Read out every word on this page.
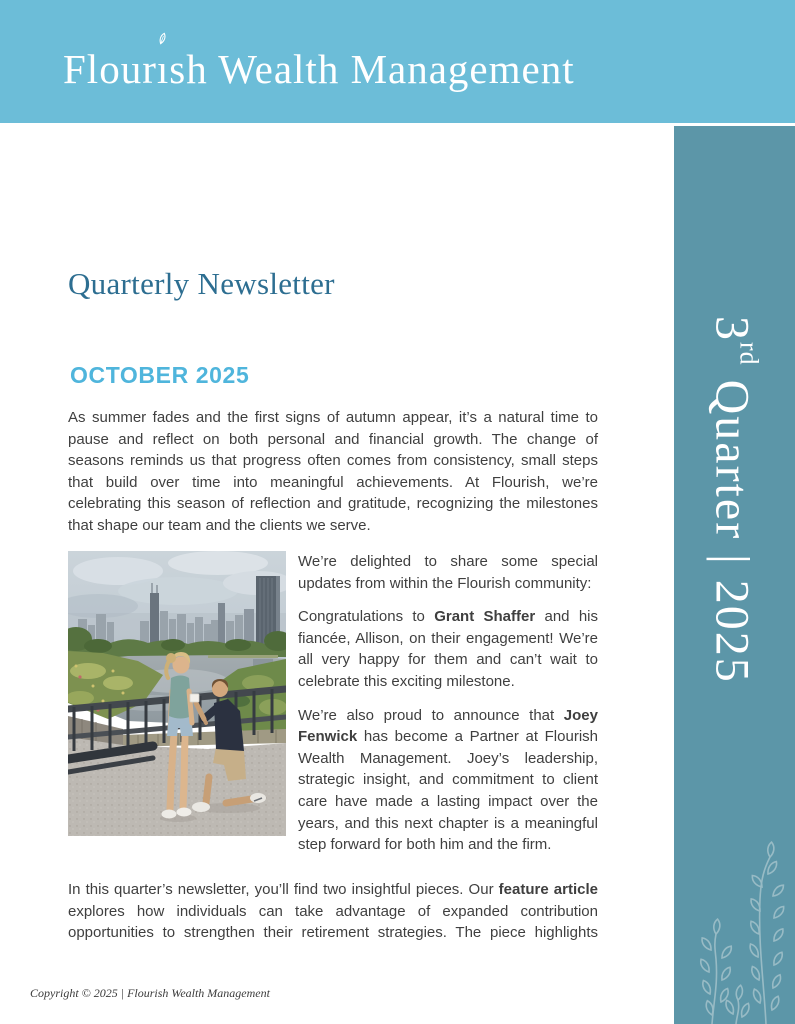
Flourı
sh Wealth Management
3rd Quarter | 2025
Quarterly Newsletter
OCTOBER 2025

As summer fades and the first signs of autumn appear, it’s a natural time to pause and reflect on both personal and financial growth. The change of seasons reminds us that progress often comes from consistency, small steps that build over time into meaningful achievements. At Flourish, we’re celebrating this season of reflection and gratitude, recognizing the milestones that shape our team and the clients we serve.

We’re delighted to share some special updates from within the Flourish community:

Congratulations to Grant Shaffer and his fiancée, Allison, on their engagement! We’re all very happy for them and can’t wait to celebrate this exciting milestone.

We’re also proud to announce that Joey Fenwick has become a Partner at Flourish Wealth Management. Joey’s leadership, strategic insight, and commitment to client care have made a lasting impact over the years, and this next chapter is a meaningful step forward for both him and the firm.

In this quarter’s newsletter, you’ll find two insightful pieces. Our feature article explores how individuals can take advantage of expanded contribution opportunities to strengthen their retirement strategies. The piece highlights

Copyright © 2025 | Flourish Wealth Management
